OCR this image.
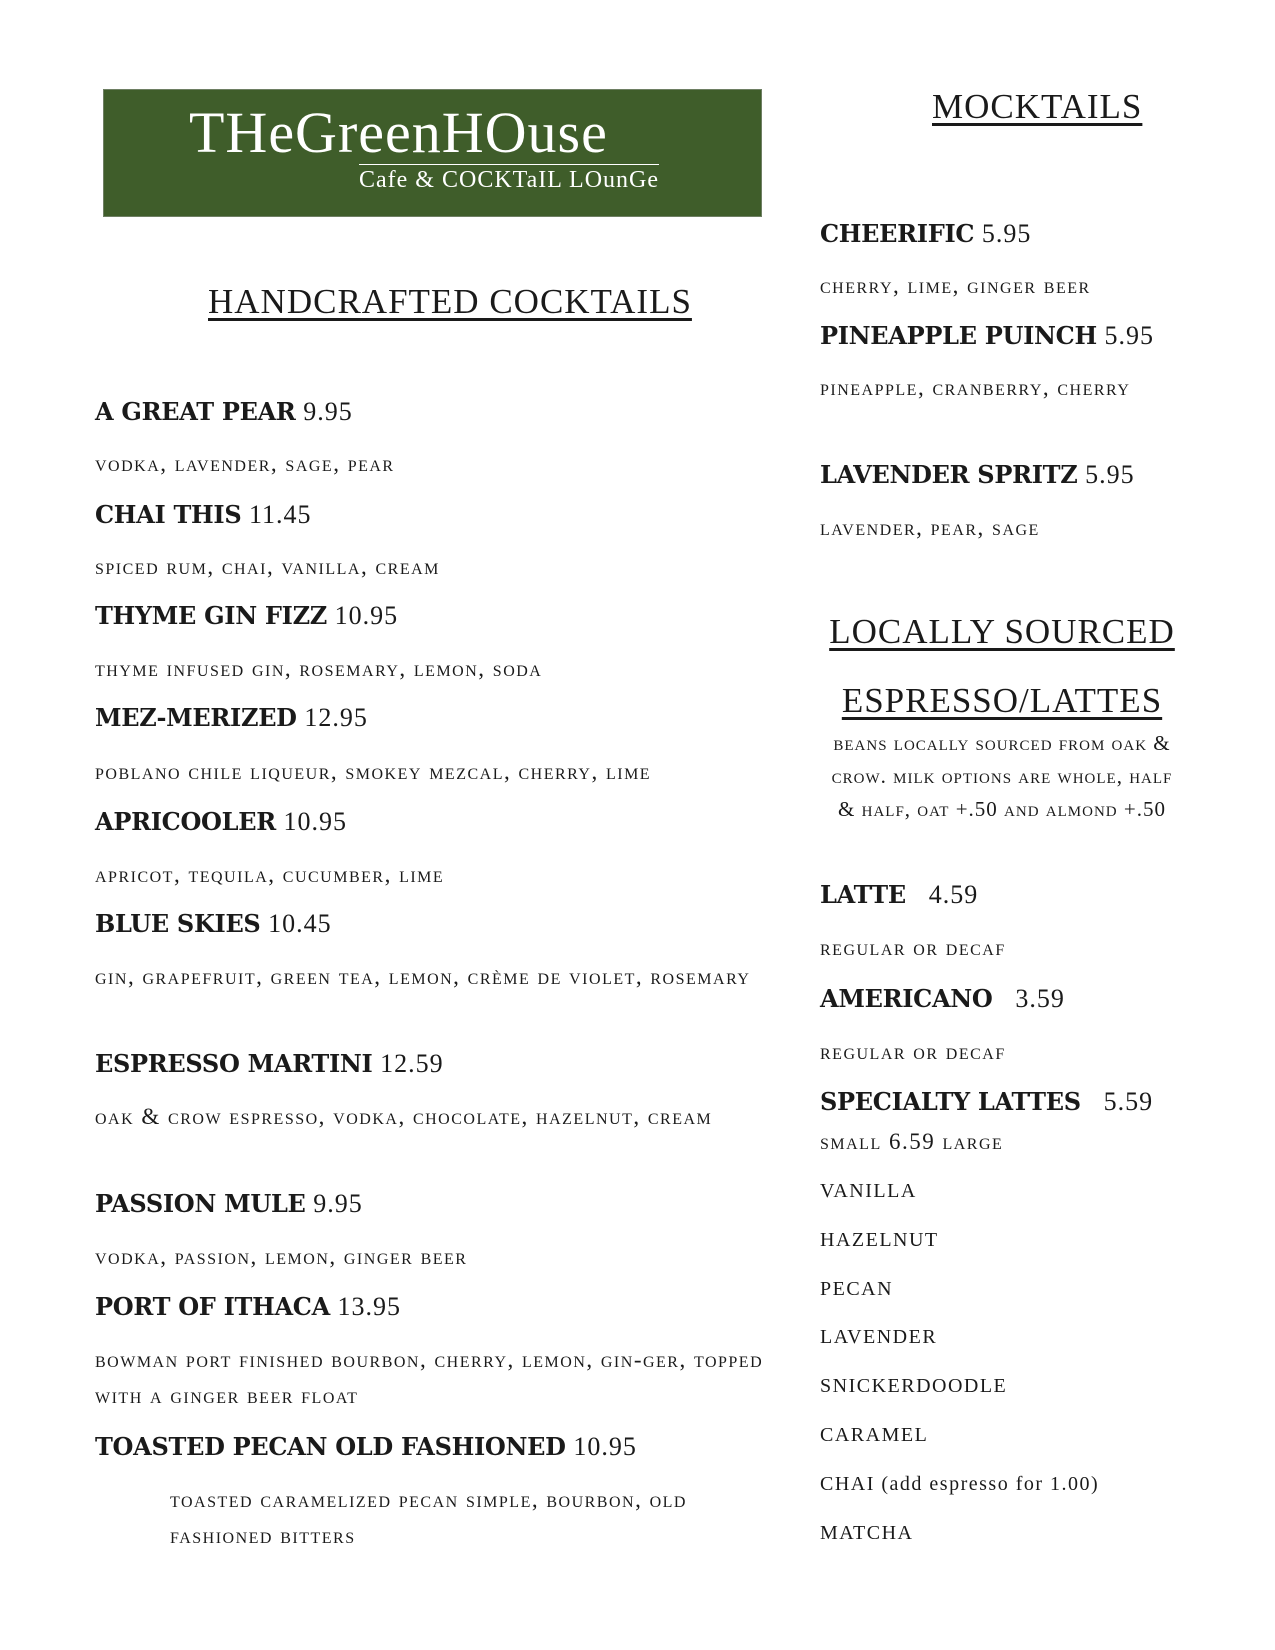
THeGreenHOuse
Cafe & COCKTaIL LOunGe
HANDCRAFTED COCKTAILS
A GREAT PEAR 9.95
vodka, lavender, sage, pear
CHAI THIS 11.45
spiced rum, chai, vanilla, cream
THYME GIN FIZZ 10.95
thyme infused gin, rosemary, lemon, soda
MEZ-MERIZED 12.95
poblano chile liqueur, smokey mezcal, cherry, lime
APRICOOLER 10.95
apricot, tequila, cucumber, lime
BLUE SKIES 10.45
gin, grapefruit, green tea, lemon, crème de violet, rosemary
ESPRESSO MARTINI 12.59
oak & crow espresso, vodka, chocolate, hazelnut, cream
PASSION MULE 9.95
vodka, passion, lemon, ginger beer
PORT OF ITHACA 13.95
bowman port finished bourbon, cherry, lemon, gin-ger, topped with a ginger beer float
TOASTED PECAN OLD FASHIONED 10.95
toasted caramelized pecan simple, bourbon, old fashioned bitters
MOCKTAILS
CHEERIFIC 5.95
cherry, lime, ginger beer
PINEAPPLE PUINCH 5.95
pineapple, cranberry, cherry
LAVENDER SPRITZ 5.95
lavender, pear, sage
LOCALLY SOURCED
ESPRESSO/LATTES
beans locally sourced from oak & crow. milk options are whole, half & half, oat +.50 and almond +.50
LATTE 4.59
regular or decaf
AMERICANO 3.59
regular or decaf
SPECIALTY LATTES 5.59
small 6.59 large
VANILLA
HAZELNUT
PECAN
LAVENDER
SNICKERDOODLE
CARAMEL
CHAI (add espresso for 1.00)
MATCHA
